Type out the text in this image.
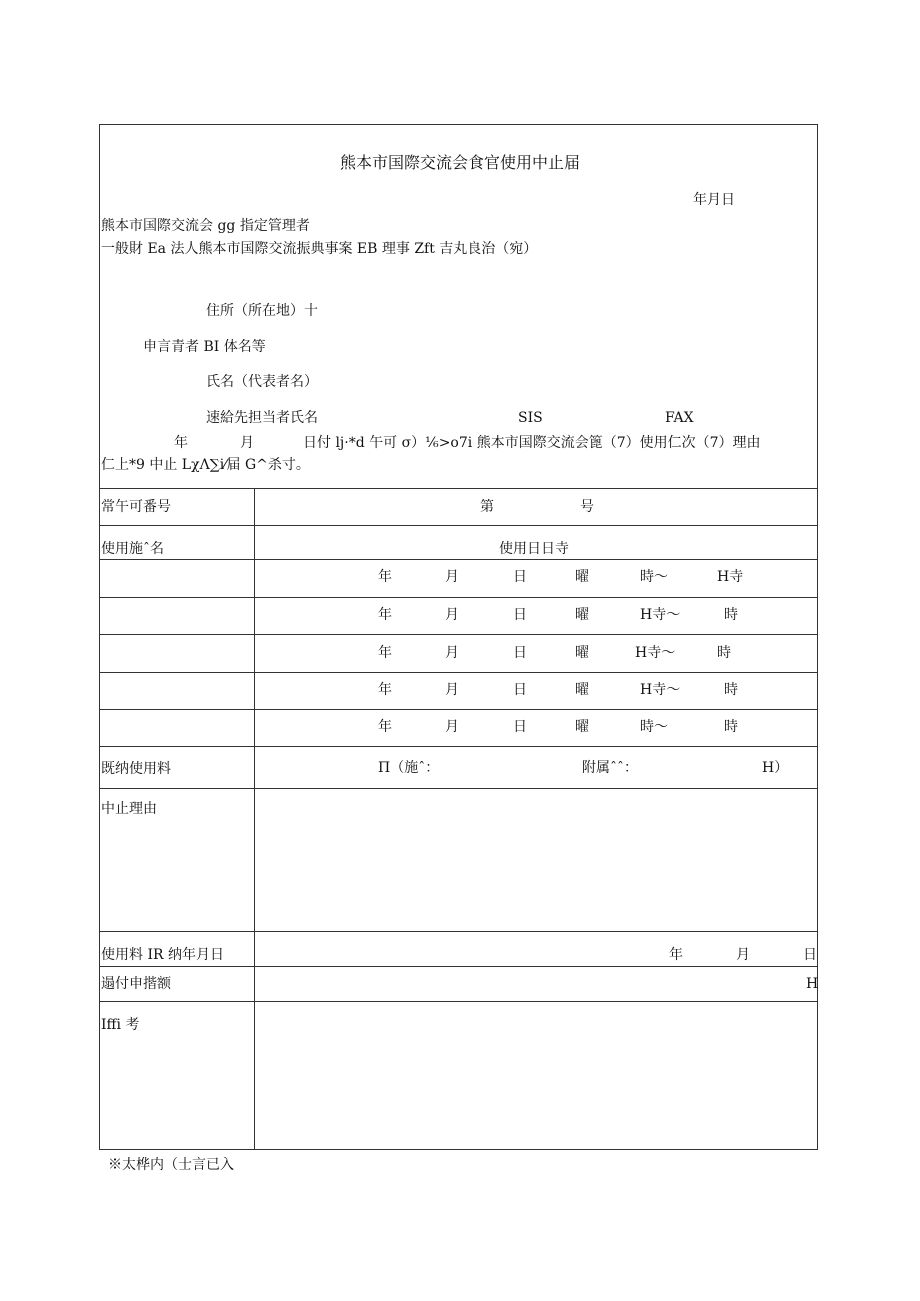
熊本市国際交流会食官使用中止届
年月日
熊本市国際交流会 gg 指定管理者
一般財 Ea 法人熊本市国際交流振典事案 EB 理事 Zft 吉丸良治（宛）
住所（所在地）十
申言青者 BI 体名等
氏名（代表者名）
速給先担当者氏名	SIS	FAX
年	月	日付 lj·*d 午可 σ）⅙>o7i 熊本市国際交流会篦（7）使用仁次（7）理由
仁上*9 中止 LχΛ∑i⁄届 G^杀寸。
常午可番号	第	号
使用施ˆ名	使用日日寺
年	月	日	曜	時～	H寺
年	月	日	曜	H寺～	時
年	月	日	曜	H寺～	時
年	月	日	曜	H寺～	時
年	月	日	曜	時～	時
既纳使用料	П（施ˆ：	附属ˆˆ：	H）
中止理由
使用料 IR 纳年月日	年	月	日
遢付申揩额	H
Iffi 考
※太桦内（士言已入
